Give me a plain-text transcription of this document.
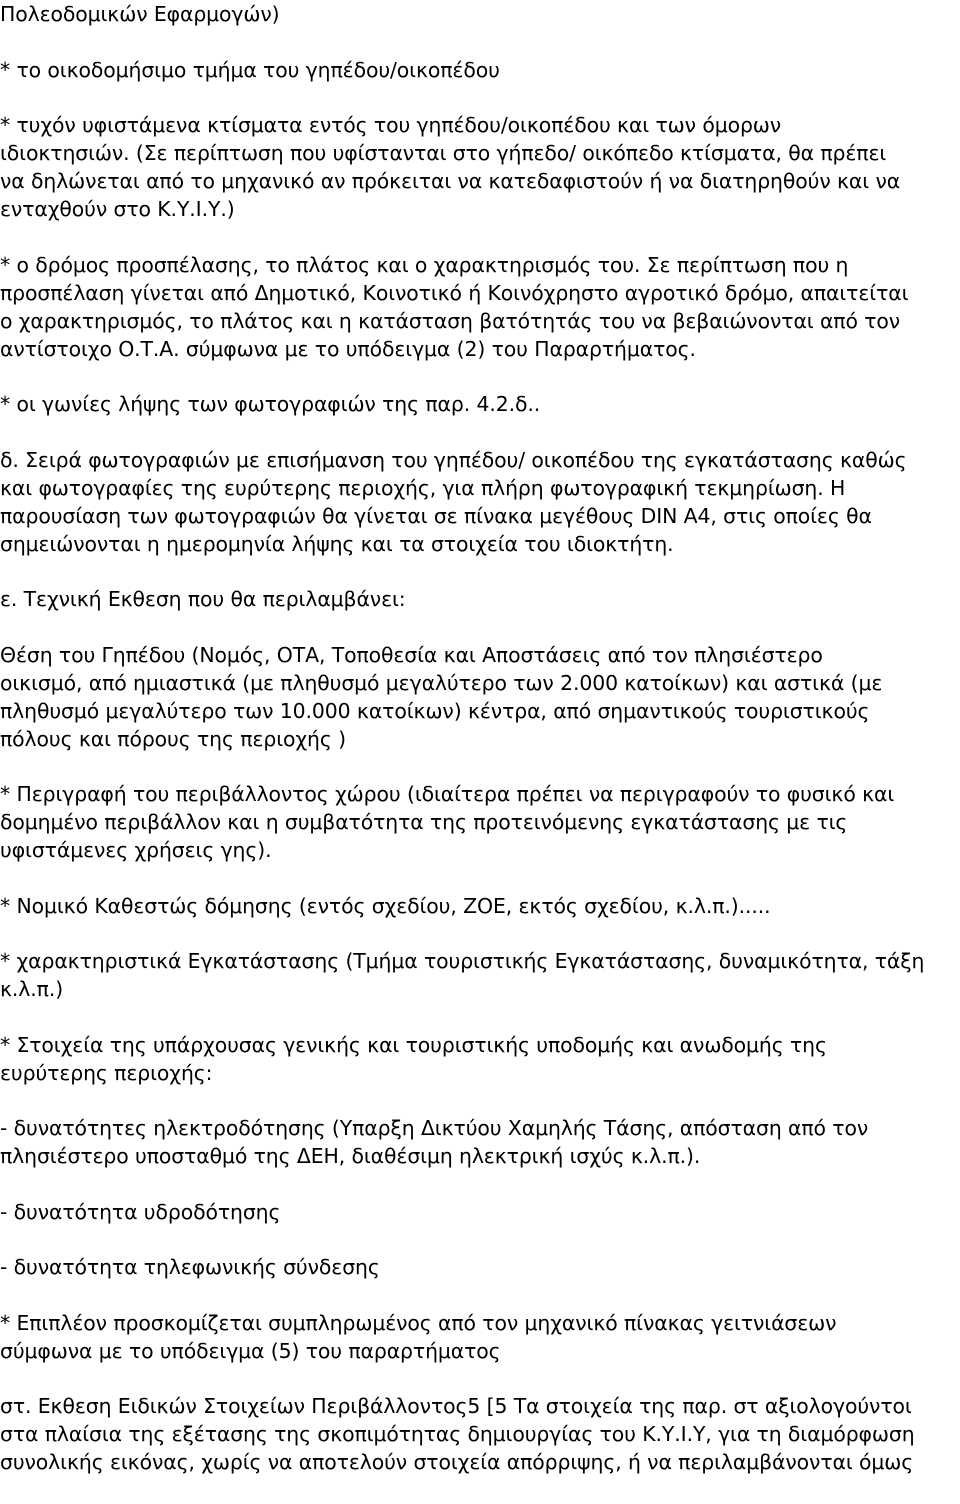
Πολεοδομικών Εφαρμογών)

* το οικοδομήσιμο τμήμα του γηπέδου/οικοπέδου

* τυχόν υφιστάμενα κτίσματα εντός του γηπέδου/οικοπέδου και των όμορων
ιδιοκτησιών. (Σε περίπτωση που υφίστανται στο γήπεδο/ οικόπεδο κτίσματα, θα πρέπει
να δηλώνεται από το μηχανικό αν πρόκειται να κατεδαφιστούν ή να διατηρηθούν και να
ενταχθούν στο Κ.Υ.Ι.Υ.)

* ο δρόμος προσπέλασης, το πλάτος και ο χαρακτηρισμός του. Σε περίπτωση που η
προσπέλαση γίνεται από Δημοτικό, Κοινοτικό ή Κοινόχρηστο αγροτικό δρόμο, απαιτείται
ο χαρακτηρισμός, το πλάτος και η κατάσταση βατότητάς του να βεβαιώνονται από τον
αντίστοιχο Ο.Τ.Α. σύμφωνα με το υπόδειγμα (2) του Παραρτήματος.

* οι γωνίες λήψης των φωτογραφιών της παρ. 4.2.δ..

δ. Σειρά φωτογραφιών με επισήμανση του γηπέδου/ οικοπέδου της εγκατάστασης καθώς
και φωτογραφίες της ευρύτερης περιοχής, για πλήρη φωτογραφική τεκμηρίωση. Η
παρουσίαση των φωτογραφιών θα γίνεται σε πίνακα μεγέθους DIN A4, στις οποίες θα
σημειώνονται η ημερομηνία λήψης και τα στοιχεία του ιδιοκτήτη.

ε. Τεχνική Εκθεση που θα περιλαμβάνει:

Θέση του Γηπέδου (Νομός, ΟΤΑ, Τοποθεσία και Αποστάσεις από τον πλησιέστερο
οικισμό, από ημιαστικά (με πληθυσμό μεγαλύτερο των 2.000 κατοίκων) και αστικά (με
πληθυσμό μεγαλύτερο των 10.000 κατοίκων) κέντρα, από σημαντικούς τουριστικούς
πόλους και πόρους της περιοχής )

* Περιγραφή του περιβάλλοντος χώρου (ιδιαίτερα πρέπει να περιγραφούν το φυσικό και
δομημένο περιβάλλον και η συμβατότητα της προτεινόμενης εγκατάστασης με τις
υφιστάμενες χρήσεις γης).

* Νομικό Καθεστώς δόμησης (εντός σχεδίου, ΖΟΕ, εκτός σχεδίου, κ.λ.π.).....

* χαρακτηριστικά Εγκατάστασης (Τμήμα τουριστικής Εγκατάστασης, δυναμικότητα, τάξη
κ.λ.π.)

* Στοιχεία της υπάρχουσας γενικής και τουριστικής υποδομής και ανωδομής της
ευρύτερης περιοχής:

- δυνατότητες ηλεκτροδότησης (Υπαρξη Δικτύου Χαμηλής Τάσης, απόσταση από τον
πλησιέστερο υποσταθμό της ΔΕΗ, διαθέσιμη ηλεκτρική ισχύς κ.λ.π.).

- δυνατότητα υδροδότησης

- δυνατότητα τηλεφωνικής σύνδεσης

* Επιπλέον προσκομίζεται συμπληρωμένος από τον μηχανικό πίνακας γειτνιάσεων
σύμφωνα με το υπόδειγμα (5) του παραρτήματος

στ. Εκθεση Ειδικών Στοιχείων Περιβάλλοντος5 [5 Τα στοιχεία της παρ. στ αξιολογούντοι
στα πλαίσια της εξέτασης της σκοπιμότητας δημιουργίας του Κ.Υ.Ι.Υ, για τη διαμόρφωση
συνολικής εικόνας, χωρίς να αποτελούν στοιχεία απόρριψης, ή να περιλαμβάνονται όμως
